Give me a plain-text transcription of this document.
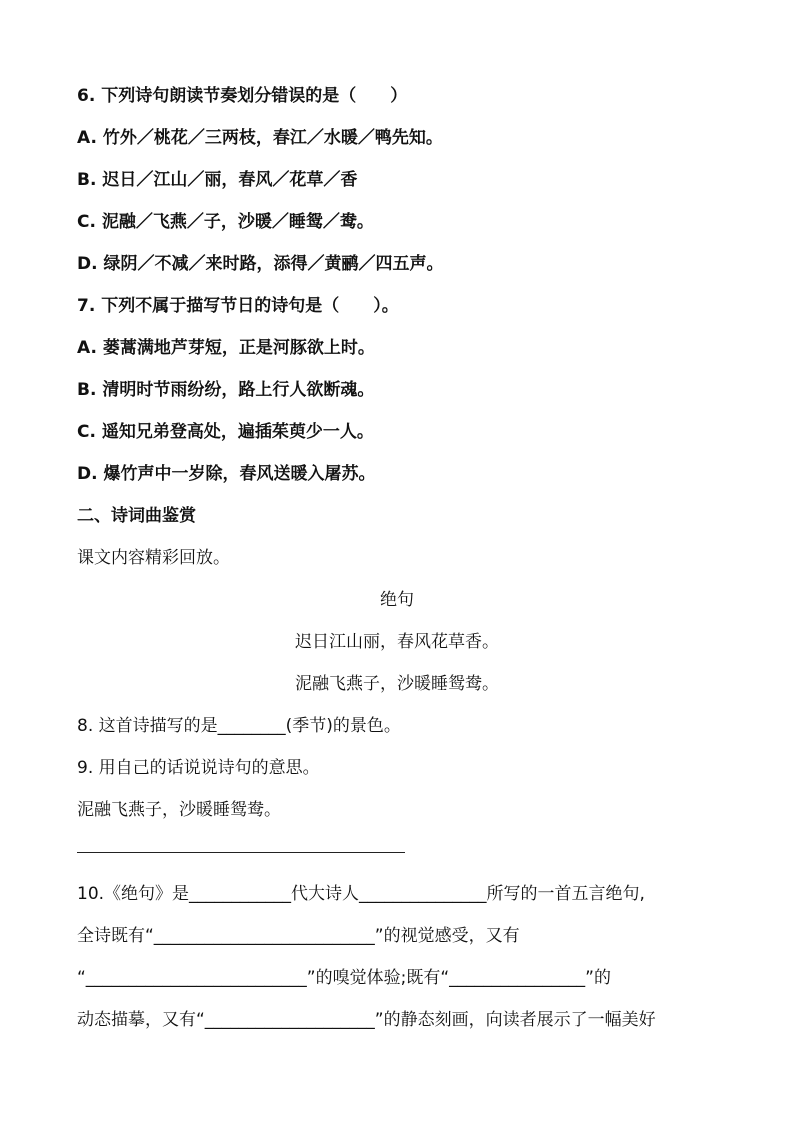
6. 下列诗句朗读节奏划分错误的是（　　）
A. 竹外／桃花／三两枝，春江／水暖／鸭先知。
B. 迟日／江山／丽，春风／花草／香
C. 泥融／飞燕／子，沙暖／睡鸳／鸯。
D. 绿阴／不减／来时路，添得／黄鹂／四五声。
7. 下列不属于描写节日的诗句是（　　）。
A. 蒌蒿满地芦芽短，正是河豚欲上时。
B. 清明时节雨纷纷，路上行人欲断魂。
C. 遥知兄弟登高处，遍插茱萸少一人。
D. 爆竹声中一岁除，春风送暖入屠苏。
二、诗词曲鉴赏
课文内容精彩回放。
绝句
迟日江山丽，春风花草香。
泥融飞燕子，沙暖睡鸳鸯。
8. 这首诗描写的是________(季节)的景色。
9. 用自己的话说说诗句的意思。
泥融飞燕子，沙暖睡鸳鸯。
10.《绝句》是____________代大诗人_______________所写的一首五言绝句,
全诗既有“__________________________”的视觉感受，又有
“__________________________”的嗅觉体验;既有“________________”的
动态描摹，又有“____________________”的静态刻画，向读者展示了一幅美好
